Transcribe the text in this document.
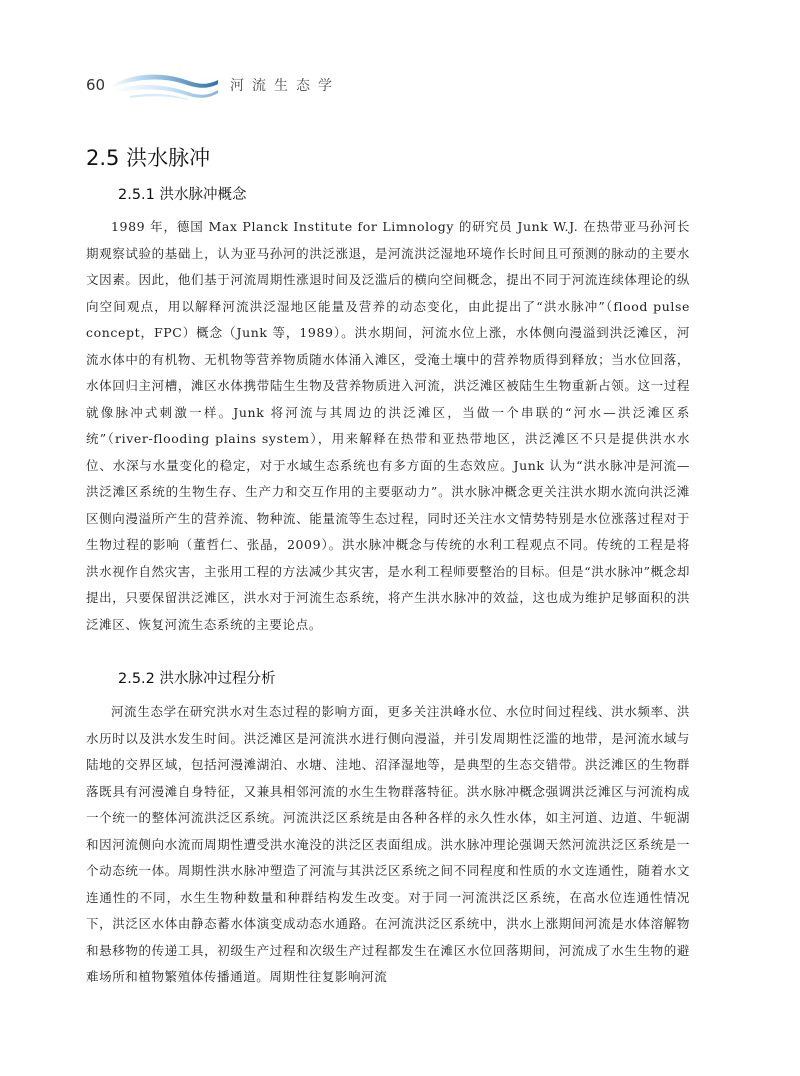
60	河流生态学
2.5 洪水脉冲
2.5.1 洪水脉冲概念

1989 年，德国 Max Planck Institute for Limnology 的研究员 Junk W.J. 在热带亚马孙河长期观察试验的基础上，认为亚马孙河的洪泛涨退，是河流洪泛湿地环境作长时间且可预测的脉动的主要水文因素。因此，他们基于河流周期性涨退时间及泛滥后的横向空间概念，提出不同于河流连续体理论的纵向空间观点，用以解释河流洪泛湿地区能量及营养的动态变化，由此提出了“洪水脉冲”（flood pulse concept，FPC）概念（Junk 等，1989）。洪水期间，河流水位上涨，水体侧向漫溢到洪泛滩区，河流水体中的有机物、无机物等营养物质随水体涌入滩区，受淹土壤中的营养物质得到释放；当水位回落，水体回归主河槽，滩区水体携带陆生生物及营养物质进入河流，洪泛滩区被陆生生物重新占领。这一过程就像脉冲式刺激一样。Junk 将河流与其周边的洪泛滩区，当做一个串联的“河水—洪泛滩区系统”（river-flooding plains system），用来解释在热带和亚热带地区，洪泛滩区不只是提供洪水水位、水深与水量变化的稳定，对于水域生态系统也有多方面的生态效应。Junk 认为“洪水脉冲是河流—洪泛滩区系统的生物生存、生产力和交互作用的主要驱动力”。洪水脉冲概念更关注洪水期水流向洪泛滩区侧向漫溢所产生的营养流、物种流、能量流等生态过程，同时还关注水文情势特别是水位涨落过程对于生物过程的影响（董哲仁、张晶，2009）。洪水脉冲概念与传统的水利工程观点不同。传统的工程是将洪水视作自然灾害，主张用工程的方法减少其灾害，是水利工程师要整治的目标。但是“洪水脉冲”概念却提出，只要保留洪泛滩区，洪水对于河流生态系统，将产生洪水脉冲的效益，这也成为维护足够面积的洪泛滩区、恢复河流生态系统的主要论点。

2.5.2 洪水脉冲过程分析

河流生态学在研究洪水对生态过程的影响方面，更多关注洪峰水位、水位时间过程线、洪水频率、洪水历时以及洪水发生时间。洪泛滩区是河流洪水进行侧向漫溢，并引发周期性泛滥的地带，是河流水域与陆地的交界区域，包括河漫滩湖泊、水塘、洼地、沼泽湿地等，是典型的生态交错带。洪泛滩区的生物群落既具有河漫滩自身特征，又兼具相邻河流的水生生物群落特征。洪水脉冲概念强调洪泛滩区与河流构成一个统一的整体河流洪泛区系统。河流洪泛区系统是由各种各样的永久性水体，如主河道、边道、牛轭湖和因河流侧向水流而周期性遭受洪水淹没的洪泛区表面组成。洪水脉冲理论强调天然河流洪泛区系统是一个动态统一体。周期性洪水脉冲塑造了河流与其洪泛区系统之间不同程度和性质的水文连通性，随着水文连通性的不同，水生生物种数量和种群结构发生改变。对于同一河流洪泛区系统，在高水位连通性情况下，洪泛区水体由静态蓄水体演变成动态水通路。在河流洪泛区系统中，洪水上涨期间河流是水体溶解物和悬移物的传递工具，初级生产过程和次级生产过程都发生在滩区水位回落期间，河流成了水生生物的避难场所和植物繁殖体传播通道。周期性往复影响河流
